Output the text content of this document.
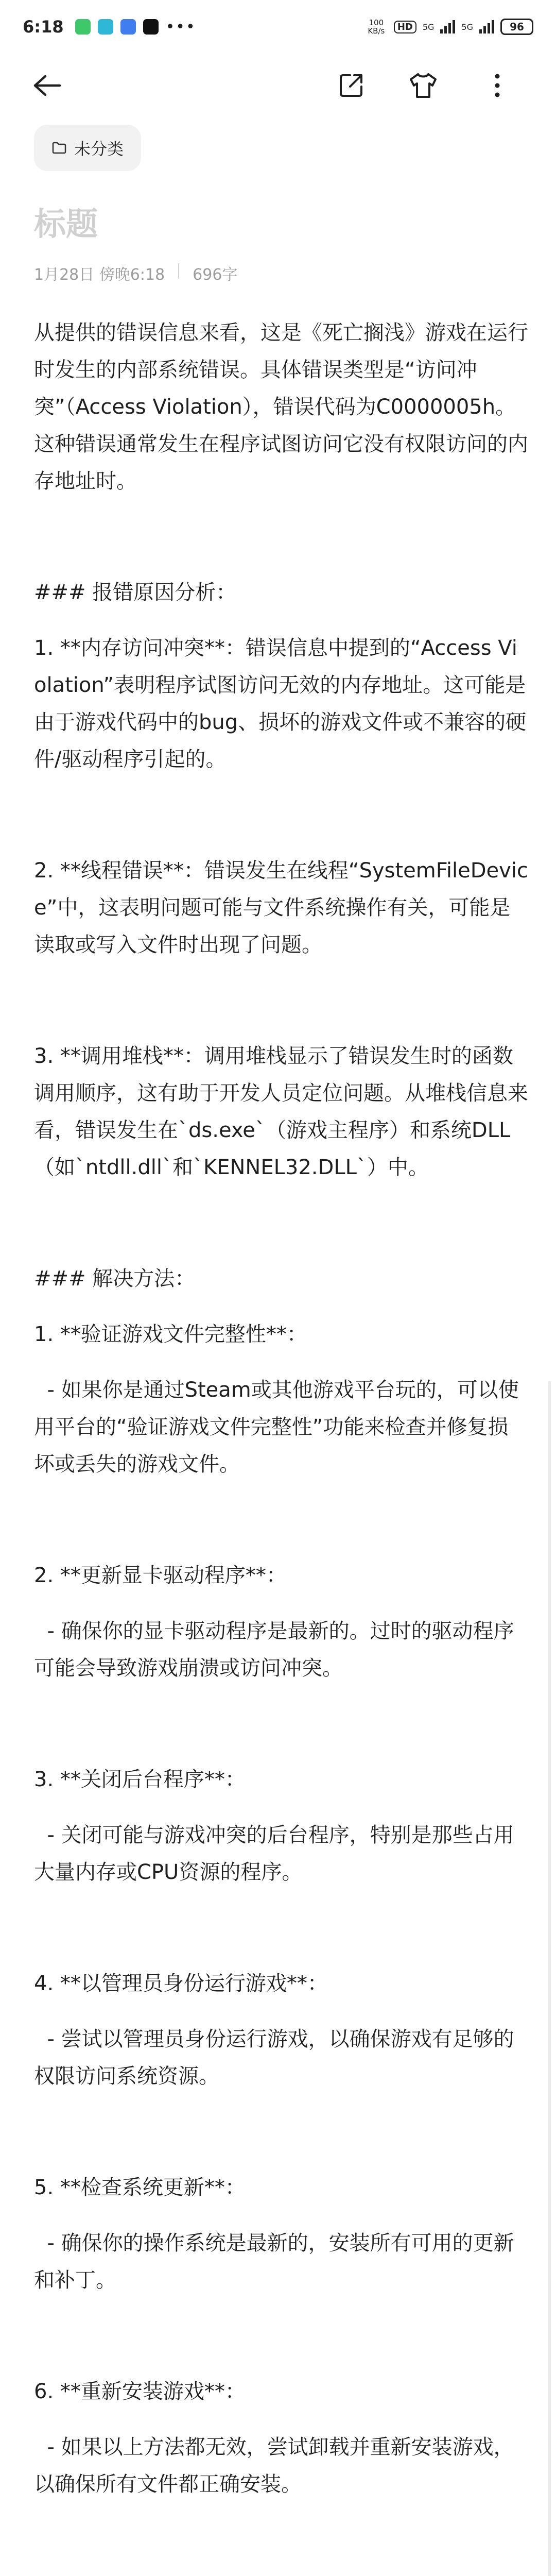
6:18	•••	100 KB/s	HD	5G	5G	96
未分类
标题
1月28日 傍晚6:18 696字
从提供的错误信息来看，这是《死亡搁浅》游戏在运行时发生的内部系统错误。具体错误类型是“访问冲突”（Access Violation），错误代码为C0000005h。这种错误通常发生在程序试图访问它没有权限访问的内存地址时。
### 报错原因分析：
1. **内存访问冲突**：错误信息中提到的“Access Violation”表明程序试图访问无效的内存地址。这可能是由于游戏代码中的bug、损坏的游戏文件或不兼容的硬件/驱动程序引起的。
2. **线程错误**：错误发生在线程“SystemFileDevice”中，这表明问题可能与文件系统操作有关，可能是读取或写入文件时出现了问题。
3. **调用堆栈**：调用堆栈显示了错误发生时的函数调用顺序，这有助于开发人员定位问题。从堆栈信息来看，错误发生在`ds.exe`（游戏主程序）和系统DLL（如`ntdll.dll`和`KENNEL32.DLL`）中。
### 解决方法：
1. **验证游戏文件完整性**：
- 如果你是通过Steam或其他游戏平台玩的，可以使用平台的“验证游戏文件完整性”功能来检查并修复损坏或丢失的游戏文件。
2. **更新显卡驱动程序**：
- 确保你的显卡驱动程序是最新的。过时的驱动程序可能会导致游戏崩溃或访问冲突。
3. **关闭后台程序**：
- 关闭可能与游戏冲突的后台程序，特别是那些占用大量内存或CPU资源的程序。
4. **以管理员身份运行游戏**：
- 尝试以管理员身份运行游戏，以确保游戏有足够的权限访问系统资源。
5. **检查系统更新**：
- 确保你的操作系统是最新的，安装所有可用的更新和补丁。
6. **重新安装游戏**：
- 如果以上方法都无效，尝试卸载并重新安装游戏，以确保所有文件都正确安装。
